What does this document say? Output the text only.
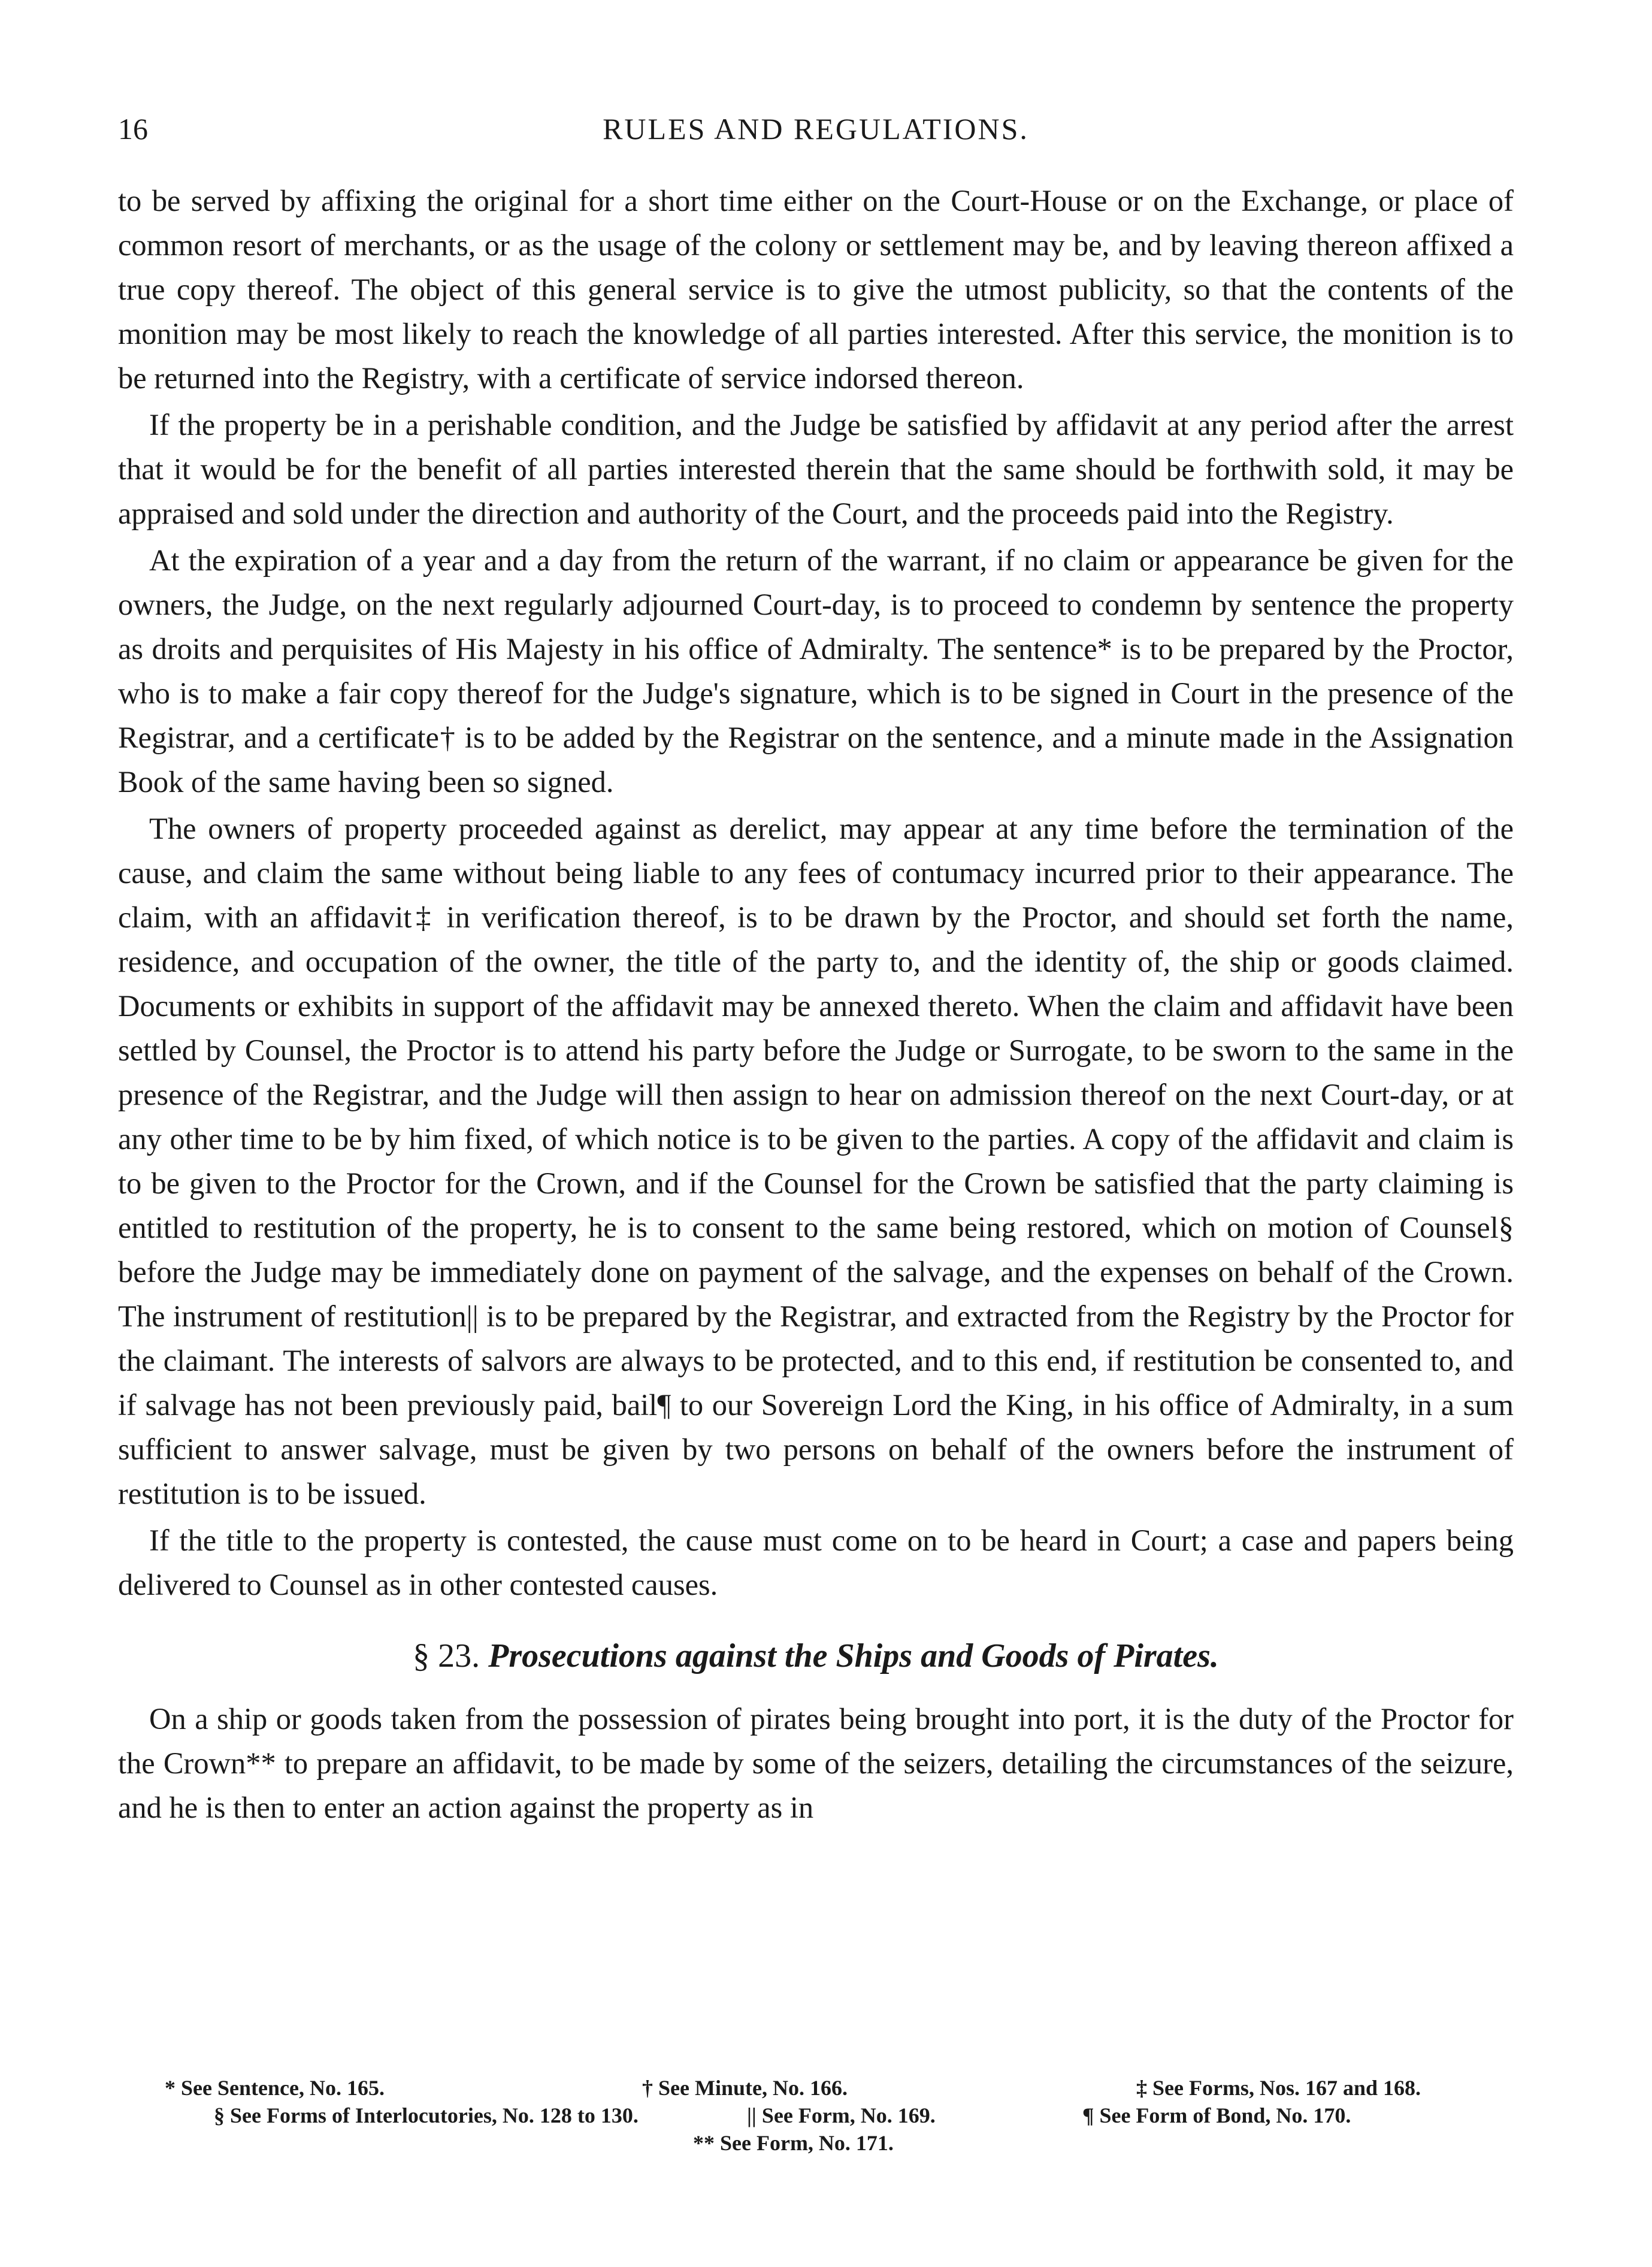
16	RULES AND REGULATIONS.

to be served by affixing the original for a short time either on the Court-House or on the Exchange, or place of common resort of merchants, or as the usage of the colony or settlement may be, and by leaving thereon affixed a true copy thereof. The object of this general service is to give the utmost publicity, so that the contents of the monition may be most likely to reach the knowledge of all parties interested. After this service, the monition is to be returned into the Registry, with a certificate of service indorsed thereon.

If the property be in a perishable condition, and the Judge be satisfied by affidavit at any period after the arrest that it would be for the benefit of all parties interested therein that the same should be forthwith sold, it may be appraised and sold under the direction and authority of the Court, and the proceeds paid into the Registry.

At the expiration of a year and a day from the return of the warrant, if no claim or appearance be given for the owners, the Judge, on the next regularly adjourned Court-day, is to proceed to condemn by sentence the property as droits and perquisites of His Majesty in his office of Admiralty. The sentence* is to be prepared by the Proctor, who is to make a fair copy thereof for the Judge's signature, which is to be signed in Court in the presence of the Registrar, and a certificate† is to be added by the Registrar on the sentence, and a minute made in the Assignation Book of the same having been so signed.

The owners of property proceeded against as derelict, may appear at any time before the termination of the cause, and claim the same without being liable to any fees of contumacy incurred prior to their appearance. The claim, with an affidavit‡ in verification thereof, is to be drawn by the Proctor, and should set forth the name, residence, and occupation of the owner, the title of the party to, and the identity of, the ship or goods claimed. Documents or exhibits in support of the affidavit may be annexed thereto. When the claim and affidavit have been settled by Counsel, the Proctor is to attend his party before the Judge or Surrogate, to be sworn to the same in the presence of the Registrar, and the Judge will then assign to hear on admission thereof on the next Court-day, or at any other time to be by him fixed, of which notice is to be given to the parties. A copy of the affidavit and claim is to be given to the Proctor for the Crown, and if the Counsel for the Crown be satisfied that the party claiming is entitled to restitution of the property, he is to consent to the same being restored, which on motion of Counsel§ before the Judge may be immediately done on payment of the salvage, and the expenses on behalf of the Crown. The instrument of restitution|| is to be prepared by the Registrar, and extracted from the Registry by the Proctor for the claimant. The interests of salvors are always to be protected, and to this end, if restitution be consented to, and if salvage has not been previously paid, bail¶ to our Sovereign Lord the King, in his office of Admiralty, in a sum sufficient to answer salvage, must be given by two persons on behalf of the owners before the instrument of restitution is to be issued.

If the title to the property is contested, the cause must come on to be heard in Court; a case and papers being delivered to Counsel as in other contested causes.

§ 23. Prosecutions against the Ships and Goods of Pirates.

On a ship or goods taken from the possession of pirates being brought into port, it is the duty of the Proctor for the Crown** to prepare an affidavit, to be made by some of the seizers, detailing the circumstances of the seizure, and he is then to enter an action against the property as in

* See Sentence, No. 165.	† See Minute, No. 166.	‡ See Forms, Nos. 167 and 168.
§ See Forms of Interlocutories, No. 128 to 130.	|| See Form, No. 169.	¶ See Form of Bond, No. 170.
** See Form, No. 171.
